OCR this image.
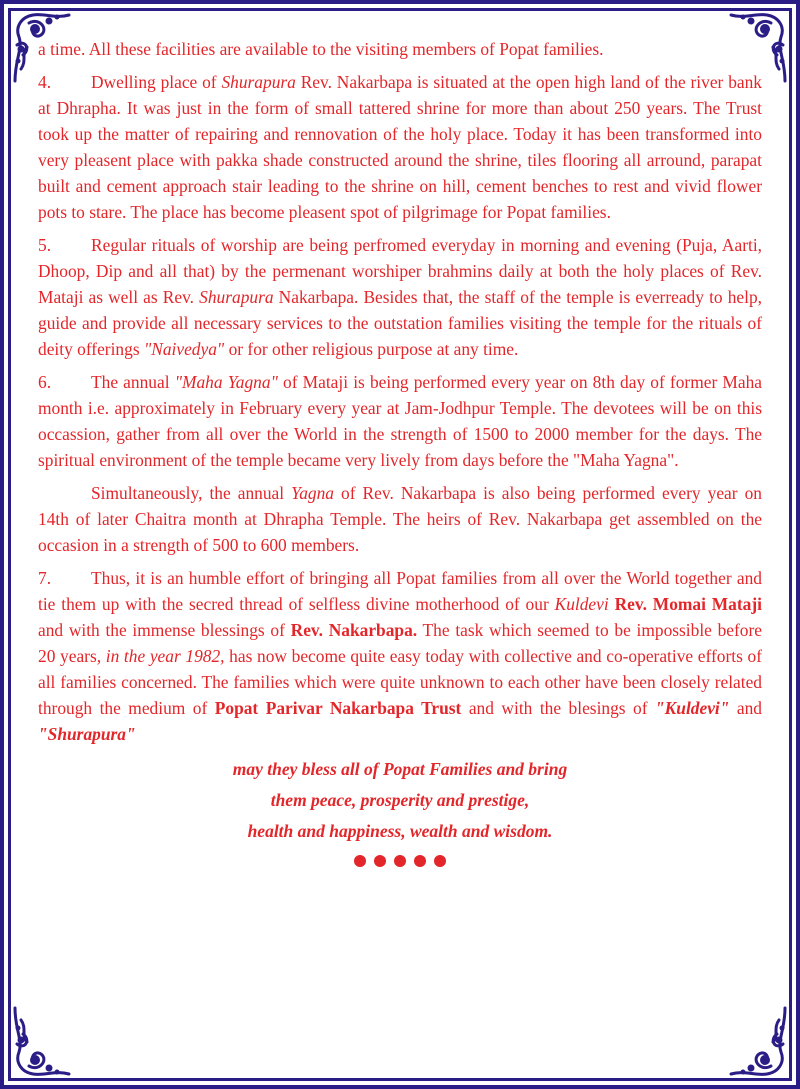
a time. All these facilities are available to the visiting members of Popat families.

4. Dwelling place of Shurapura Rev. Nakarbapa is situated at the open high land of the river bank at Dhrapha. It was just in the form of small tattered shrine for more than about 250 years. The Trust took up the matter of repairing and rennovation of the holy place. Today it has been transformed into very pleasent place with pakka shade constructed around the shrine, tiles flooring all arround, parapat built and cement approach stair leading to the shrine on hill, cement benches to rest and vivid flower pots to stare. The place has become pleasent spot of pilgrimage for Popat families.

5. Regular rituals of worship are being perfromed everyday in morning and evening (Puja, Aarti, Dhoop, Dip and all that) by the permenant worshiper brahmins daily at both the holy places of Rev. Mataji as well as Rev. Shurapura Nakarbapa. Besides that, the staff of the temple is everready to help, guide and provide all necessary services to the outstation families visiting the temple for the rituals of deity offerings "Naivedya" or for other religious purpose at any time.

6. The annual "Maha Yagna" of Mataji is being performed every year on 8th day of former Maha month i.e. approximately in February every year at Jam-Jodhpur Temple. The devotees will be on this occassion, gather from all over the World in the strength of 1500 to 2000 member for the days. The spiritual environment of the temple became very lively from days before the "Maha Yagna".

Simultaneously, the annual Yagna of Rev. Nakarbapa is also being performed every year on 14th of later Chaitra month at Dhrapha Temple. The heirs of Rev. Nakarbapa get assembled on the occasion in a strength of 500 to 600 members.

7. Thus, it is an humble effort of bringing all Popat families from all over the World together and tie them up with the secred thread of selfless divine motherhood of our Kuldevi Rev. Momai Mataji and with the immense blessings of Rev. Nakarbapa. The task which seemed to be impossible before 20 years, in the year 1982, has now become quite easy today with collective and co-operative efforts of all families concerned. The families which were quite unknown to each other have been closely related through the medium of Popat Parivar Nakarbapa Trust and with the blesings of "Kuldevi" and "Shurapura"

may they bless all of Popat Families and bring
them peace, prosperity and prestige,
health and happiness, wealth and wisdom.
